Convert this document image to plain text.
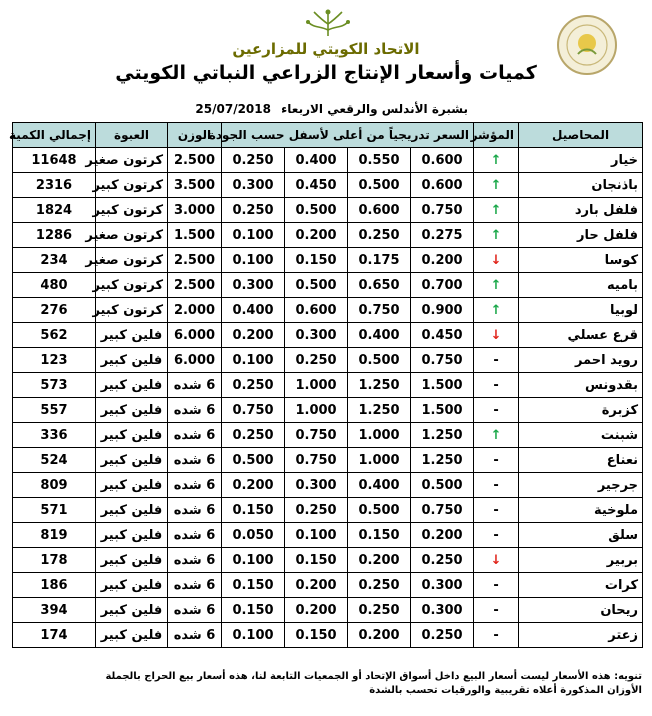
الاتحاد الكويتي للمزارعين
كميات وأسعار الإنتاج الزراعي النباتي الكويتي
بشبرة الأندلس والرقعي الاربعاء 25/07/2018
المحاصيل	المؤشر	السعر تدريجياً من أعلى لأسفل حسب الجودة				الوزن	العبوة	إجمالي الكمية
خيار	↑	0.600	0.550	0.400	0.250	2.500	كرتون صغير	11648
باذنجان	↑	0.600	0.500	0.450	0.300	3.500	كرتون كبير	2316
فلفل بارد	↑	0.750	0.600	0.500	0.250	3.000	كرتون كبير	1824
فلفل حار	↑	0.275	0.250	0.200	0.100	1.500	كرتون صغير	1286
كوسا	↓	0.200	0.175	0.150	0.100	2.500	كرتون صغير	234
باميه	↑	0.700	0.650	0.500	0.300	2.500	كرتون كبير	480
لوبيا	↑	0.900	0.750	0.600	0.400	2.000	كرتون كبير	276
قرع عسلي	↓	0.450	0.400	0.300	0.200	6.000	فلين كبير	562
رويد احمر	-	0.750	0.500	0.250	0.100	6.000	فلين كبير	123
بقدونس	-	1.500	1.250	1.000	0.250	6 شده	فلين كبير	573
كزبرة	-	1.500	1.250	1.000	0.750	6 شده	فلين كبير	557
شبنت	↑	1.250	1.000	0.750	0.250	6 شده	فلين كبير	336
نعناع	-	1.250	1.000	0.750	0.500	6 شده	فلين كبير	524
جرجير	-	0.500	0.400	0.300	0.200	6 شده	فلين كبير	809
ملوخية	-	0.750	0.500	0.250	0.150	6 شده	فلين كبير	571
سلق	-	0.200	0.150	0.100	0.050	6 شده	فلين كبير	819
بربير	↓	0.250	0.200	0.150	0.100	6 شده	فلين كبير	178
كرات	-	0.300	0.250	0.200	0.150	6 شده	فلين كبير	186
ريحان	-	0.300	0.250	0.200	0.150	6 شده	فلين كبير	394
زعتر	-	0.250	0.200	0.150	0.100	6 شده	فلين كبير	174
تنويه: هذه الأسعار ليست أسعار البيع داخل أسواق الإتحاد أو الجمعيات التابعة لنا، هذه أسعار بيع الحراج بالجملة
الأوزان المذكورة أعلاه تقريبية والورقيات تحسب بالشدة
